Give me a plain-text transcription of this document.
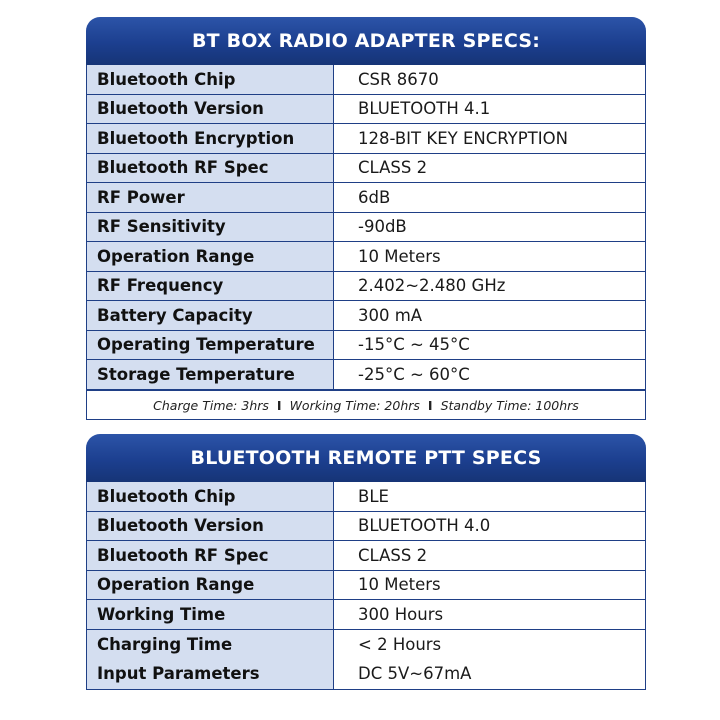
BT BOX RADIO ADAPTER SPECS:
Bluetooth Chip	CSR 8670
Bluetooth Version	BLUETOOTH 4.1
Bluetooth Encryption	128-BIT KEY ENCRYPTION
Bluetooth RF Spec	CLASS 2
RF Power	6dB
RF Sensitivity	-90dB
Operation Range	10 Meters
RF Frequency	2.402~2.480 GHz
Battery Capacity	300 mA
Operating Temperature	-15°C ~ 45°C
Storage Temperature	-25°C ~ 60°C
Charge Time: 3hrs I Working Time: 20hrs I Standby Time: 100hrs
BLUETOOTH REMOTE PTT SPECS
Bluetooth Chip	BLE
Bluetooth Version	BLUETOOTH 4.0
Bluetooth RF Spec	CLASS 2
Operation Range	10 Meters
Working Time	300 Hours
Charging Time	< 2 Hours
Input Parameters	DC 5V~67mA
